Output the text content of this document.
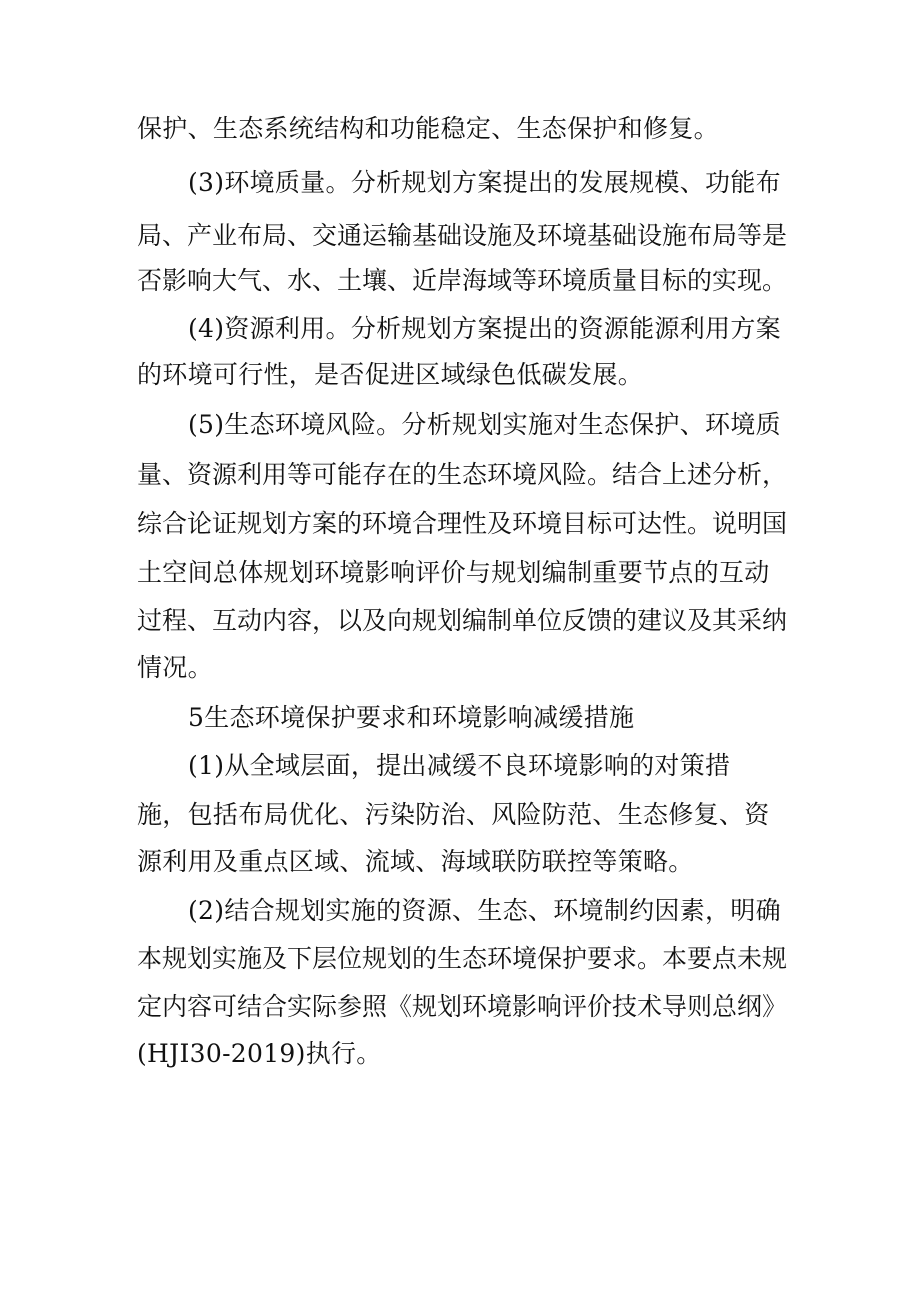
保护、生态系统结构和功能稳定、生态保护和修复。

(3)环境质量。分析规划方案提出的发展规模、功能布

局、产业布局、交通运输基础设施及环境基础设施布局等是

否影响大气、水、土壤、近岸海域等环境质量目标的实现。

(4)资源利用。分析规划方案提出的资源能源利用方案

的环境可行性，是否促进区域绿色低碳发展。

(5)生态环境风险。分析规划实施对生态保护、环境质

量、资源利用等可能存在的生态环境风险。结合上述分析，

综合论证规划方案的环境合理性及环境目标可达性。说明国

土空间总体规划环境影响评价与规划编制重要节点的互动

过程、互动内容，以及向规划编制单位反馈的建议及其采纳

情况。

5生态环境保护要求和环境影响减缓措施

(1)从全域层面，提出减缓不良环境影响的对策措

施，包括布局优化、污染防治、风险防范、生态修复、资

源利用及重点区域、流域、海域联防联控等策略。

(2)结合规划实施的资源、生态、环境制约因素，明确

本规划实施及下层位规划的生态环境保护要求。本要点未规

定内容可结合实际参照《规划环境影响评价技术导则总纲》

(HJI30-2019)执行。
